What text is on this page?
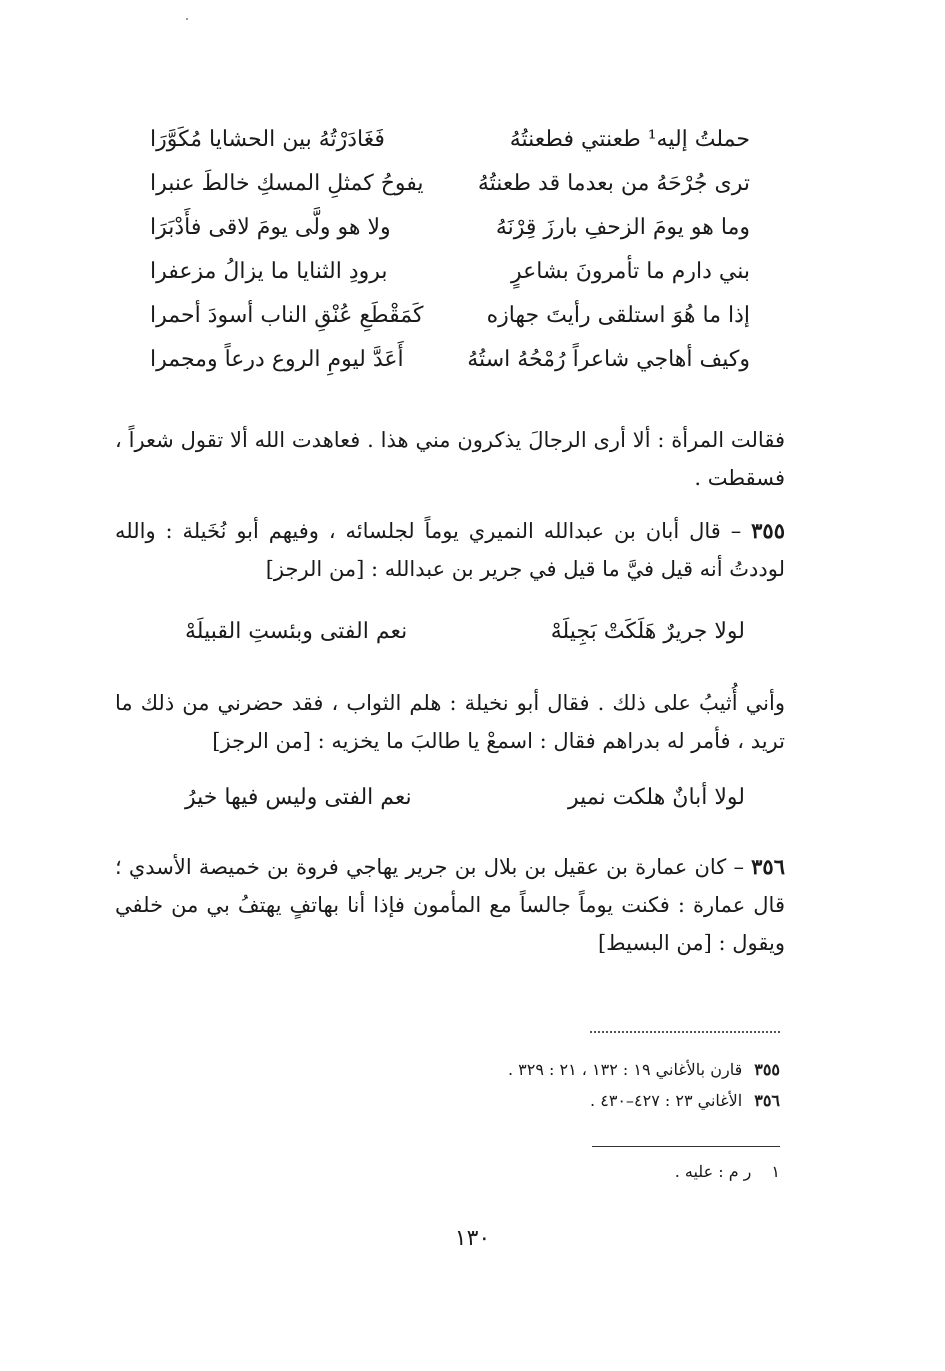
حملتُ إليه¹ طعنتي فطعنتُهُ
فَغَادَرْتُهُ بين الحشايا مُكَوَّرَا
ترى جُرْحَهُ من بعدما قد طعنتُهُ
يفوحُ كمثلِ المسكِ خالطَ عنبرا
وما هو يومَ الزحفِ بارزَ قِرْنَهُ
ولا هو ولَّى يومَ لاقى فأَدْبَرَا
بني دارم ما تأمرونَ بشاعرٍ
برودِ الثنايا ما يزالُ مزعفرا
إذا ما هُوَ استلقى رأيتَ جهازه
كَمَقْطَعِ عُنْقِ الناب أسودَ أحمرا
وكيف أهاجي شاعراً رُمْحُهُ استُهُ
أَعَدَّ ليومِ الروع درعاً ومجمرا
فقالت المرأة : ألا أرى الرجالَ يذكرون مني هذا . فعاهدت الله ألا تقول شعراً ، فسقطت .
٣٥٥ – قال أبان بن عبدالله النميري يوماً لجلسائه ، وفيهم أبو نُخَيلة : والله لوددتُ أنه قيل فيَّ ما قيل في جرير بن عبدالله : [من الرجز]
لولا جريرٌ هَلَكَتْ بَجِيلَهْ
نعم الفتى وبئستِ القبيلَهْ
وأني أُثيبُ على ذلك . فقال أبو نخيلة : هلم الثواب ، فقد حضرني من ذلك ما تريد ، فأمر له بدراهم فقال : اسمعْ يا طالبَ ما يخزيه : [من الرجز]
لولا أبانٌ هلكت نمير
نعم الفتى وليس فيها خيرُ
٣٥٦ – كان عمارة بن عقيل بن بلال بن جرير يهاجي فروة بن خميصة الأسدي ؛ قال عمارة : فكنت يوماً جالساً مع المأمون فإذا أنا بهاتفٍ يهتفُ بي من خلفي ويقول : [من البسيط]
٣٥٥قارن بالأغاني ١٩ : ١٣٢ ، ٢١ : ٣٢٩ .
٣٥٦الأغاني ٢٣ : ٤٢٧–٤٣٠ .
١ر م : عليه .
١٣٠
